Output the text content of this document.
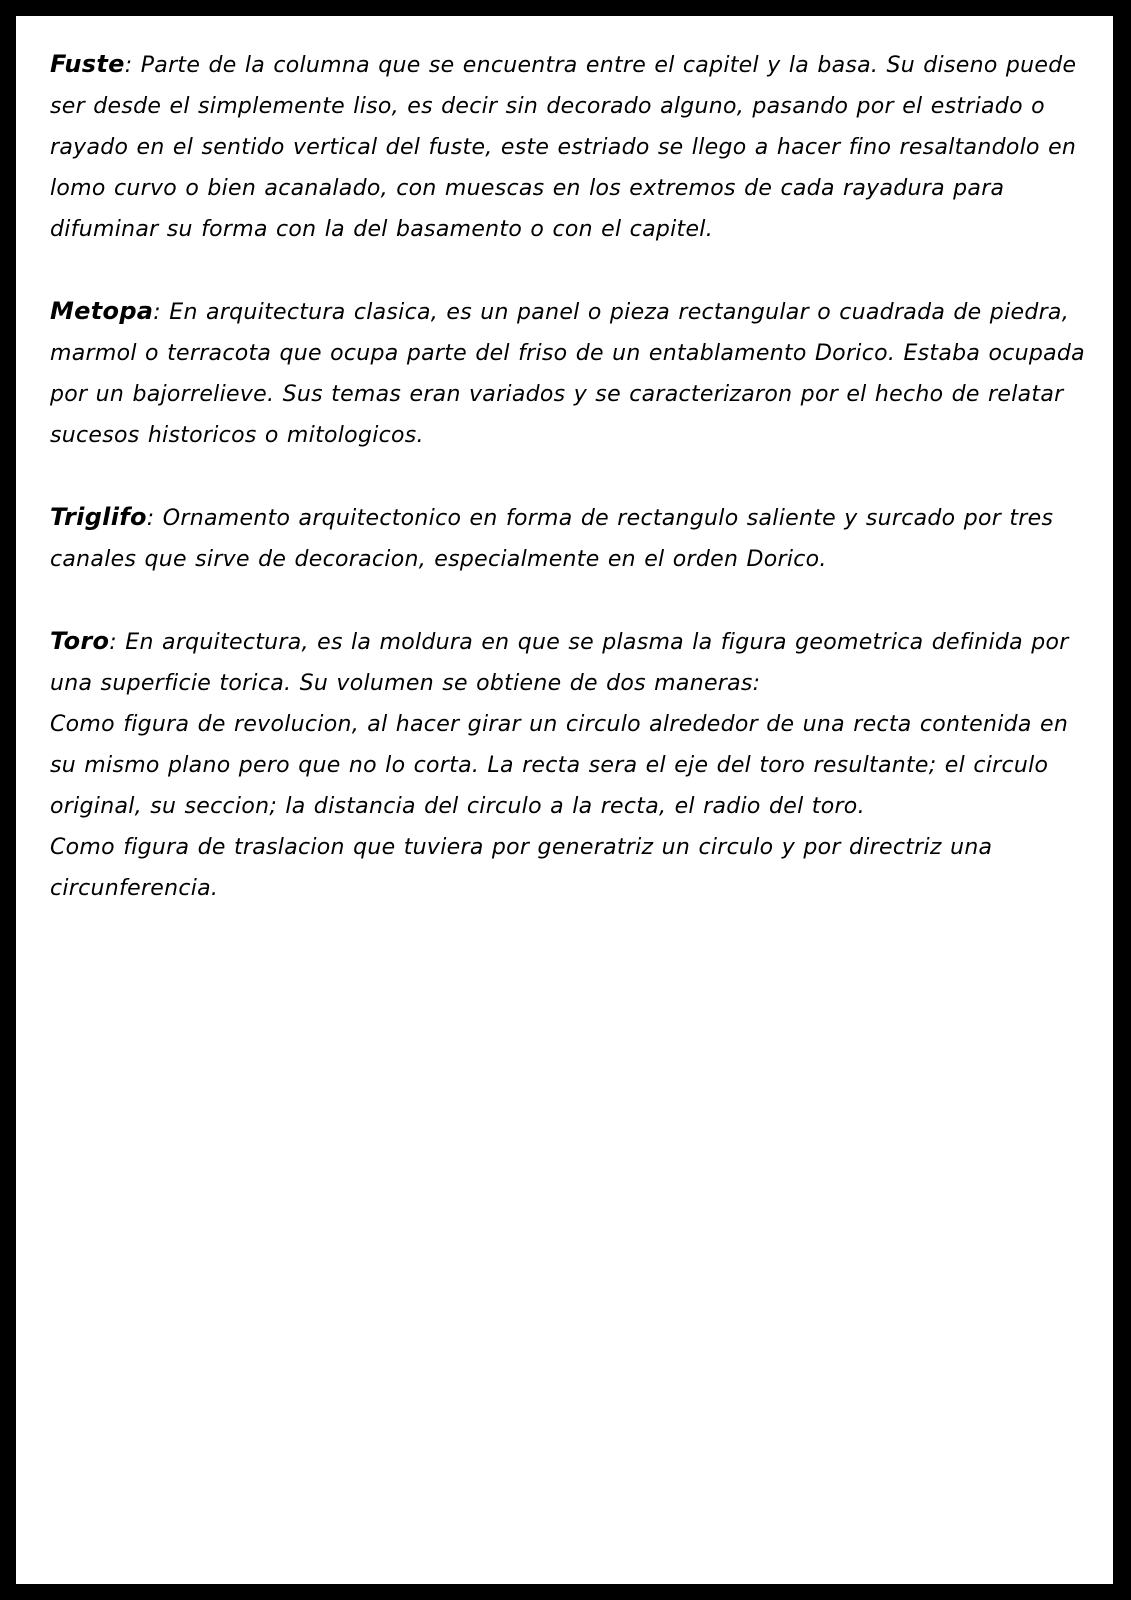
Fuste: Parte de la columna que se encuentra entre el capitel y la basa. Su diseno puede ser desde el simplemente liso, es decir sin decorado alguno, pasando por el estriado o rayado en el sentido vertical del fuste, este estriado se llego a hacer fino resaltandolo en lomo curvo o bien acanalado, con muescas en los extremos de cada rayadura para difuminar su forma con la del basamento o con el capitel.

Metopa: En arquitectura clasica, es un panel o pieza rectangular o cuadrada de piedra, marmol o terracota que ocupa parte del friso de un entablamento Dorico. Estaba ocupada por un bajorrelieve. Sus temas eran variados y se caracterizaron por el hecho de relatar sucesos historicos o mitologicos.

Triglifo: Ornamento arquitectonico en forma de rectangulo saliente y surcado por tres canales que sirve de decoracion, especialmente en el orden Dorico.

Toro: En arquitectura, es la moldura en que se plasma la figura geometrica definida por una superficie torica. Su volumen se obtiene de dos maneras:

Como figura de revolucion, al hacer girar un circulo alrededor de una recta contenida en su mismo plano pero que no lo corta. La recta sera el eje del toro resultante; el circulo original, su seccion; la distancia del circulo a la recta, el radio del toro.

Como figura de traslacion que tuviera por generatriz un circulo y por directriz una circunferencia.
